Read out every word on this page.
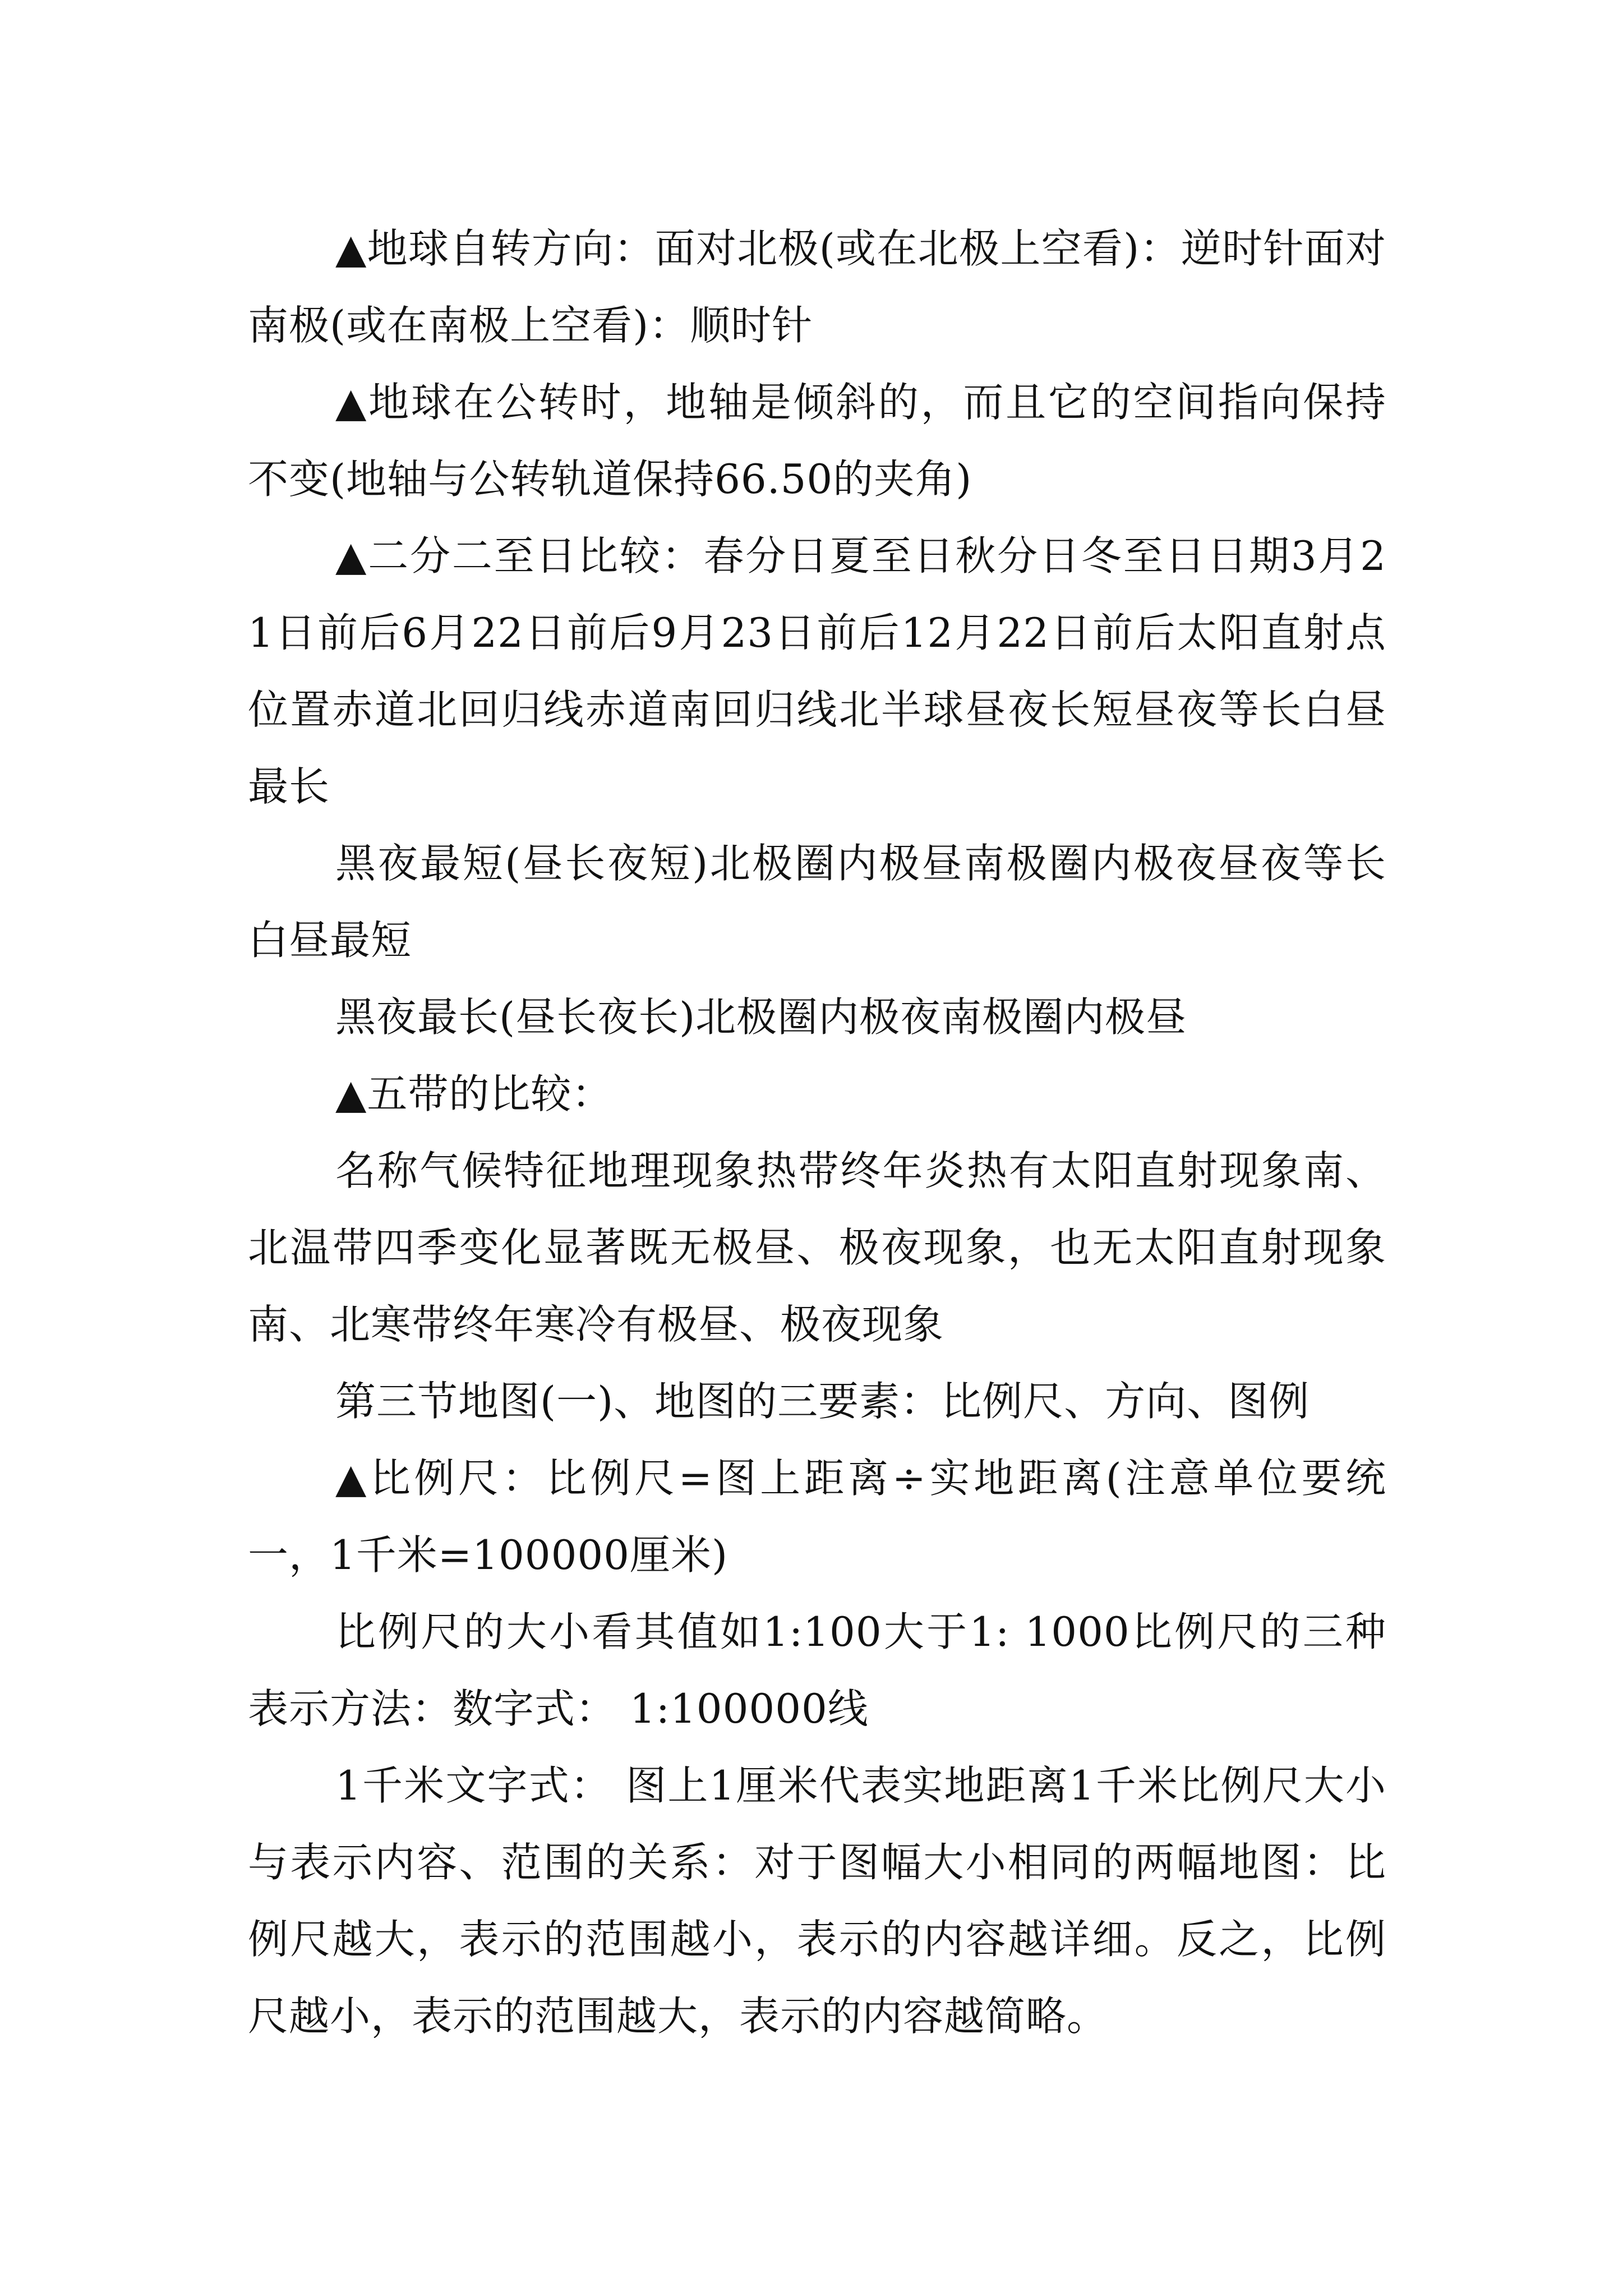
▲地球自转方向：面对北极(或在北极上空看)：逆时针面对南极(或在南极上空看)：顺时针

▲地球在公转时，地轴是倾斜的，而且它的空间指向保持不变(地轴与公转轨道保持66.50的夹角)

▲二分二至日比较：春分日夏至日秋分日冬至日日期3月21日前后6月22日前后9月23日前后12月22日前后太阳直射点位置赤道北回归线赤道南回归线北半球昼夜长短昼夜等长白昼最长

黑夜最短(昼长夜短)北极圈内极昼南极圈内极夜昼夜等长白昼最短

黑夜最长(昼长夜长)北极圈内极夜南极圈内极昼

▲五带的比较：

名称气候特征地理现象热带终年炎热有太阳直射现象南、北温带四季变化显著既无极昼、极夜现象，也无太阳直射现象南、北寒带终年寒冷有极昼、极夜现象

第三节地图(一)、地图的三要素：比例尺、方向、图例

▲比例尺：比例尺=图上距离÷实地距离(注意单位要统一，1千米=100000厘米)

比例尺的大小看其值如1:100大于1: 1000比例尺的三种表示方法：数字式： 1:100000线

1千米文字式： 图上1厘米代表实地距离1千米比例尺大小与表示内容、范围的关系：对于图幅大小相同的两幅地图：比例尺越大，表示的范围越小，表示的内容越详细。反之，比例尺越小，表示的范围越大，表示的内容越简略。
